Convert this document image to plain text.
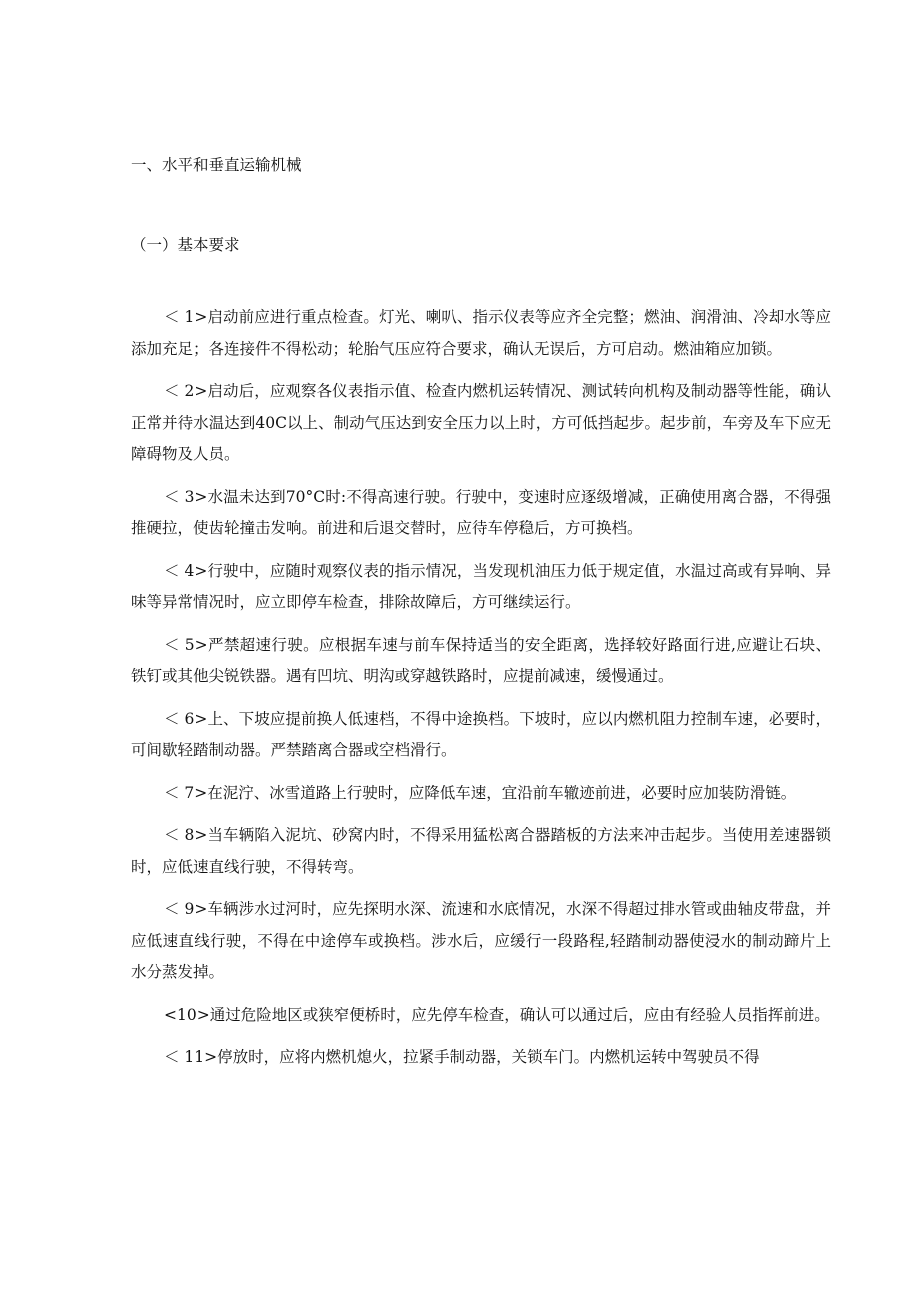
一、水平和垂直运输机械
（一）基本要求

＜ 1>启动前应进行重点检查。灯光、喇叭、指示仪表等应齐全完整；燃油、润滑油、冷却水等应添加充足；各连接件不得松动；轮胎气压应符合要求，确认无误后，方可启动。燃油箱应加锁。

＜ 2>启动后，应观察各仪表指示值、检查内燃机运转情况、测试转向机构及制动器等性能，确认正常并待水温达到40C以上、制动气压达到安全压力以上时，方可低挡起步。起步前，车旁及车下应无障碍物及人员。

＜ 3>水温未达到70°C时:不得高速行驶。行驶中，变速时应逐级增减，正确使用离合器，不得强推硬拉，使齿轮撞击发响。前进和后退交替时，应待车停稳后，方可换档。

＜ 4>行驶中，应随时观察仪表的指示情况，当发现机油压力低于规定值，水温过高或有异响、异味等异常情况时，应立即停车检查，排除故障后，方可继续运行。

＜ 5>严禁超速行驶。应根据车速与前车保持适当的安全距离，选择较好路面行进,应避让石块、铁钉或其他尖锐铁器。遇有凹坑、明沟或穿越铁路时，应提前减速，缓慢通过。

＜ 6>上、下坡应提前换人低速档，不得中途换档。下坡时，应以内燃机阻力控制车速，必要时，可间歇轻踏制动器。严禁踏离合器或空档滑行。

＜ 7>在泥泞、冰雪道路上行驶时，应降低车速，宜沿前车辙迹前进，必要时应加装防滑链。

＜ 8>当车辆陷入泥坑、砂窝内时，不得采用猛松离合器踏板的方法来冲击起步。当使用差速器锁时，应低速直线行驶，不得转弯。

＜ 9>车辆涉水过河时，应先探明水深、流速和水底情况，水深不得超过排水管或曲轴皮带盘，并应低速直线行驶，不得在中途停车或换档。涉水后，应缓行一段路程,轻踏制动器使浸水的制动蹄片上水分蒸发掉。

<10>通过危险地区或狭窄便桥时，应先停车检查，确认可以通过后，应由有经验人员指挥前进。

＜ 11>停放时，应将内燃机熄火，拉紧手制动器，关锁车门。内燃机运转中驾驶员不得
